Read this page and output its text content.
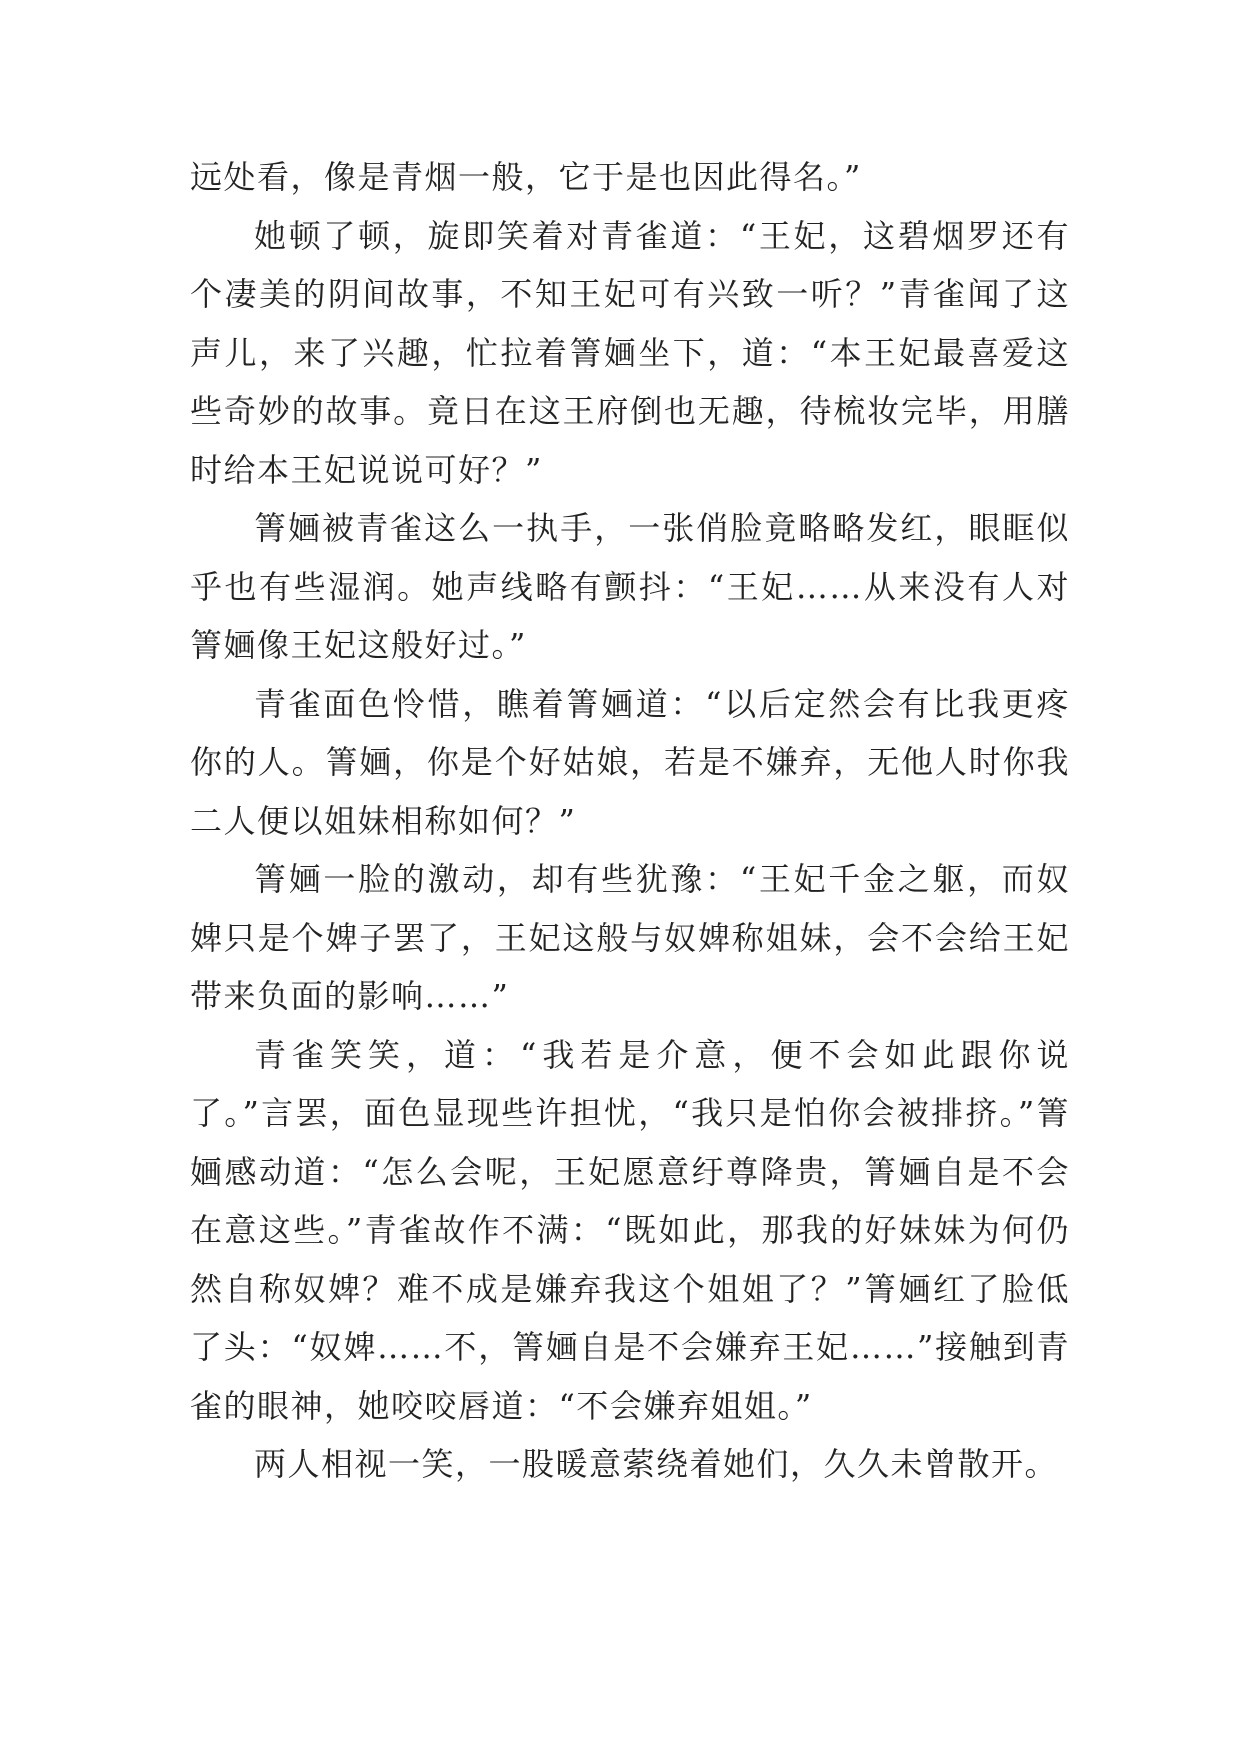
远处看，像是青烟一般，它于是也因此得名。”

她顿了顿，旋即笑着对青雀道：“王妃，这碧烟罗还有个凄美的阴间故事，不知王妃可有兴致一听？”青雀闻了这声儿，来了兴趣，忙拉着箐婳坐下，道：“本王妃最喜爱这些奇妙的故事。竟日在这王府倒也无趣，待梳妆完毕，用膳时给本王妃说说可好？”

箐婳被青雀这么一执手，一张俏脸竟略略发红，眼眶似乎也有些湿润。她声线略有颤抖：“王妃……从来没有人对箐婳像王妃这般好过。”

青雀面色怜惜，瞧着箐婳道：“以后定然会有比我更疼你的人。箐婳，你是个好姑娘，若是不嫌弃，无他人时你我二人便以姐妹相称如何？”

箐婳一脸的激动，却有些犹豫：“王妃千金之躯，而奴婢只是个婢子罢了，王妃这般与奴婢称姐妹，会不会给王妃带来负面的影响……”

青雀笑笑，道：“我若是介意，便不会如此跟你说了。”言罢，面色显现些许担忧，“我只是怕你会被排挤。”箐婳感动道：“怎么会呢，王妃愿意纡尊降贵，箐婳自是不会在意这些。”青雀故作不满：“既如此，那我的好妹妹为何仍然自称奴婢？难不成是嫌弃我这个姐姐了？”箐婳红了脸低了头：“奴婢……不，箐婳自是不会嫌弃王妃……”接触到青雀的眼神，她咬咬唇道：“不会嫌弃姐姐。”

两人相视一笑，一股暖意萦绕着她们，久久未曾散开。
